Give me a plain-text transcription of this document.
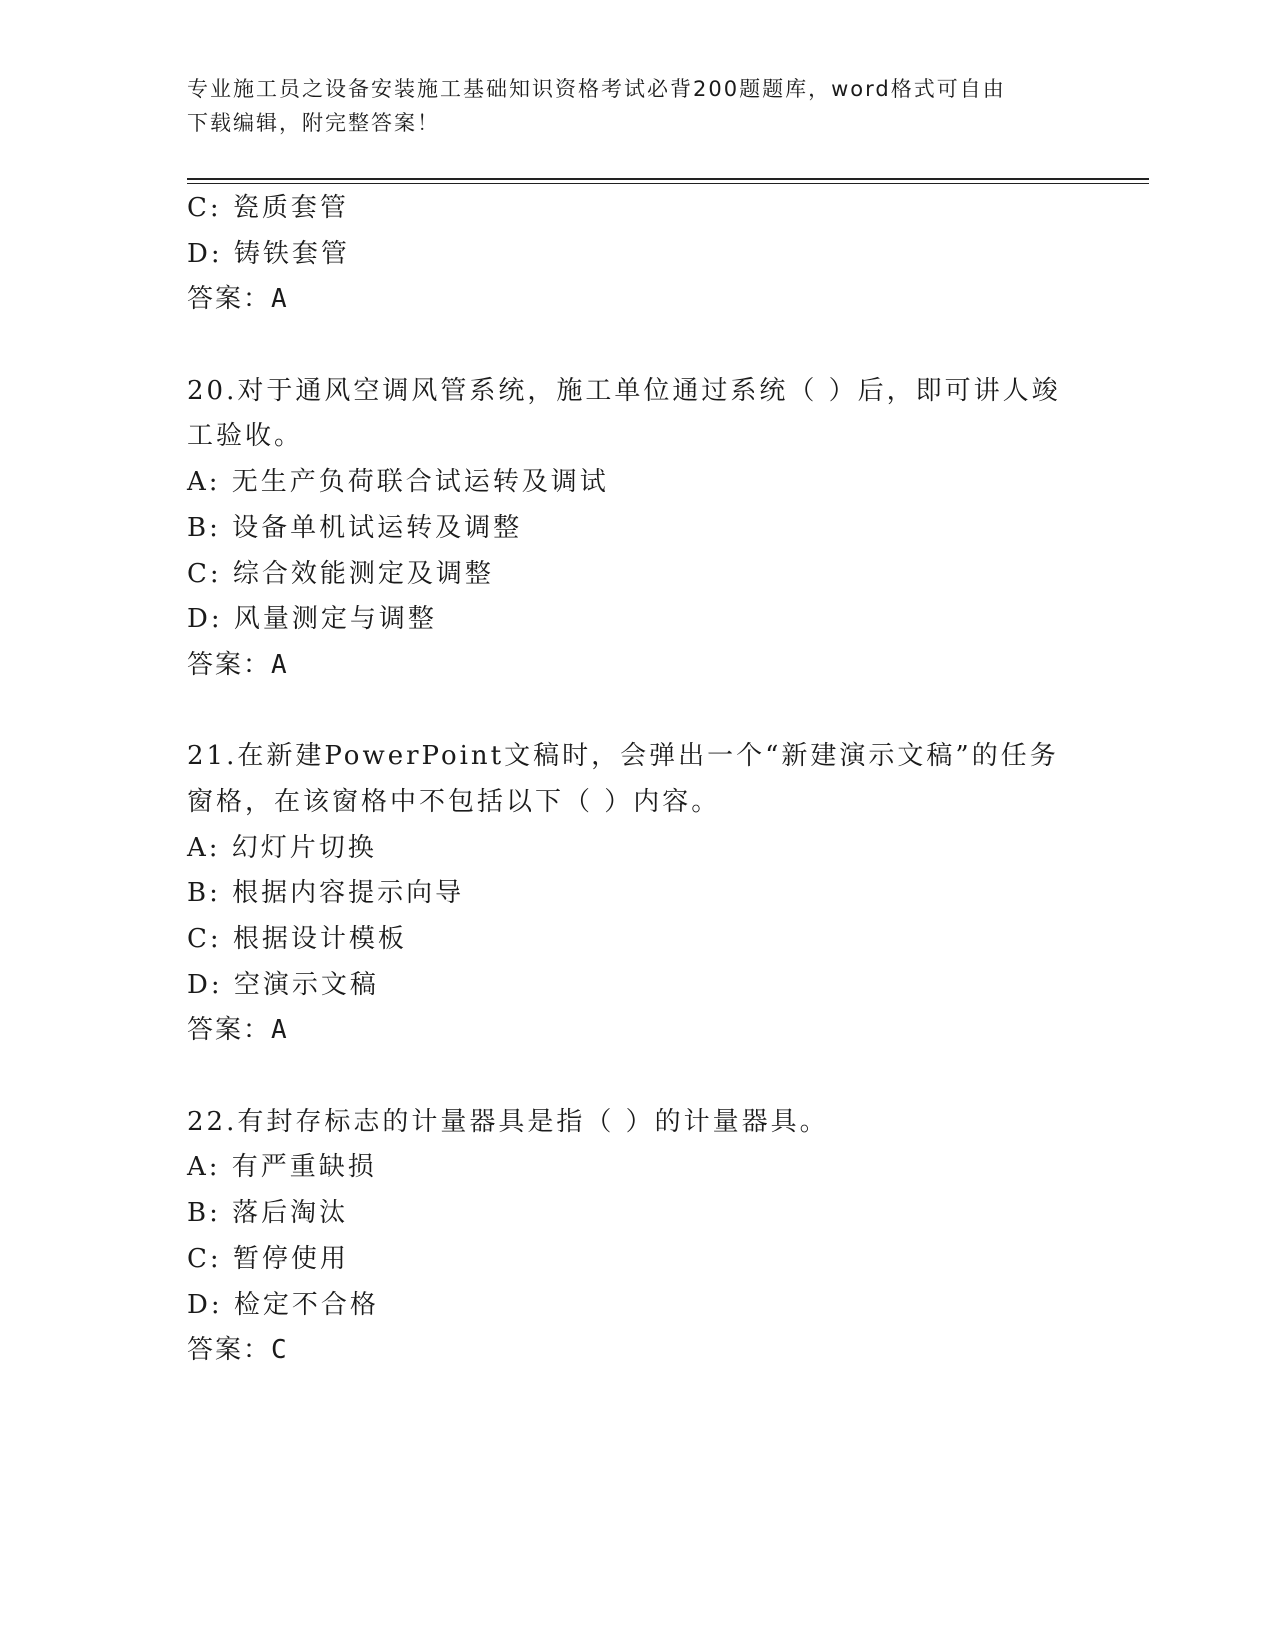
专业施工员之设备安装施工基础知识资格考试必背200题题库，word格式可自由
下载编辑，附完整答案！
C: 瓷质套管
D: 铸铁套管
答案：A
20.对于通风空调风管系统，施工单位通过系统（ ）后，即可讲人竣
工验收。
A: 无生产负荷联合试运转及调试
B: 设备单机试运转及调整
C: 综合效能测定及调整
D: 风量测定与调整
答案：A
21.在新建PowerPoint文稿时，会弹出一个“新建演示文稿”的任务
窗格，在该窗格中不包括以下（ ）内容。
A: 幻灯片切换
B: 根据内容提示向导
C: 根据设计模板
D: 空演示文稿
答案：A
22.有封存标志的计量器具是指（ ）的计量器具。
A: 有严重缺损
B: 落后淘汰
C: 暂停使用
D: 检定不合格
答案：C
